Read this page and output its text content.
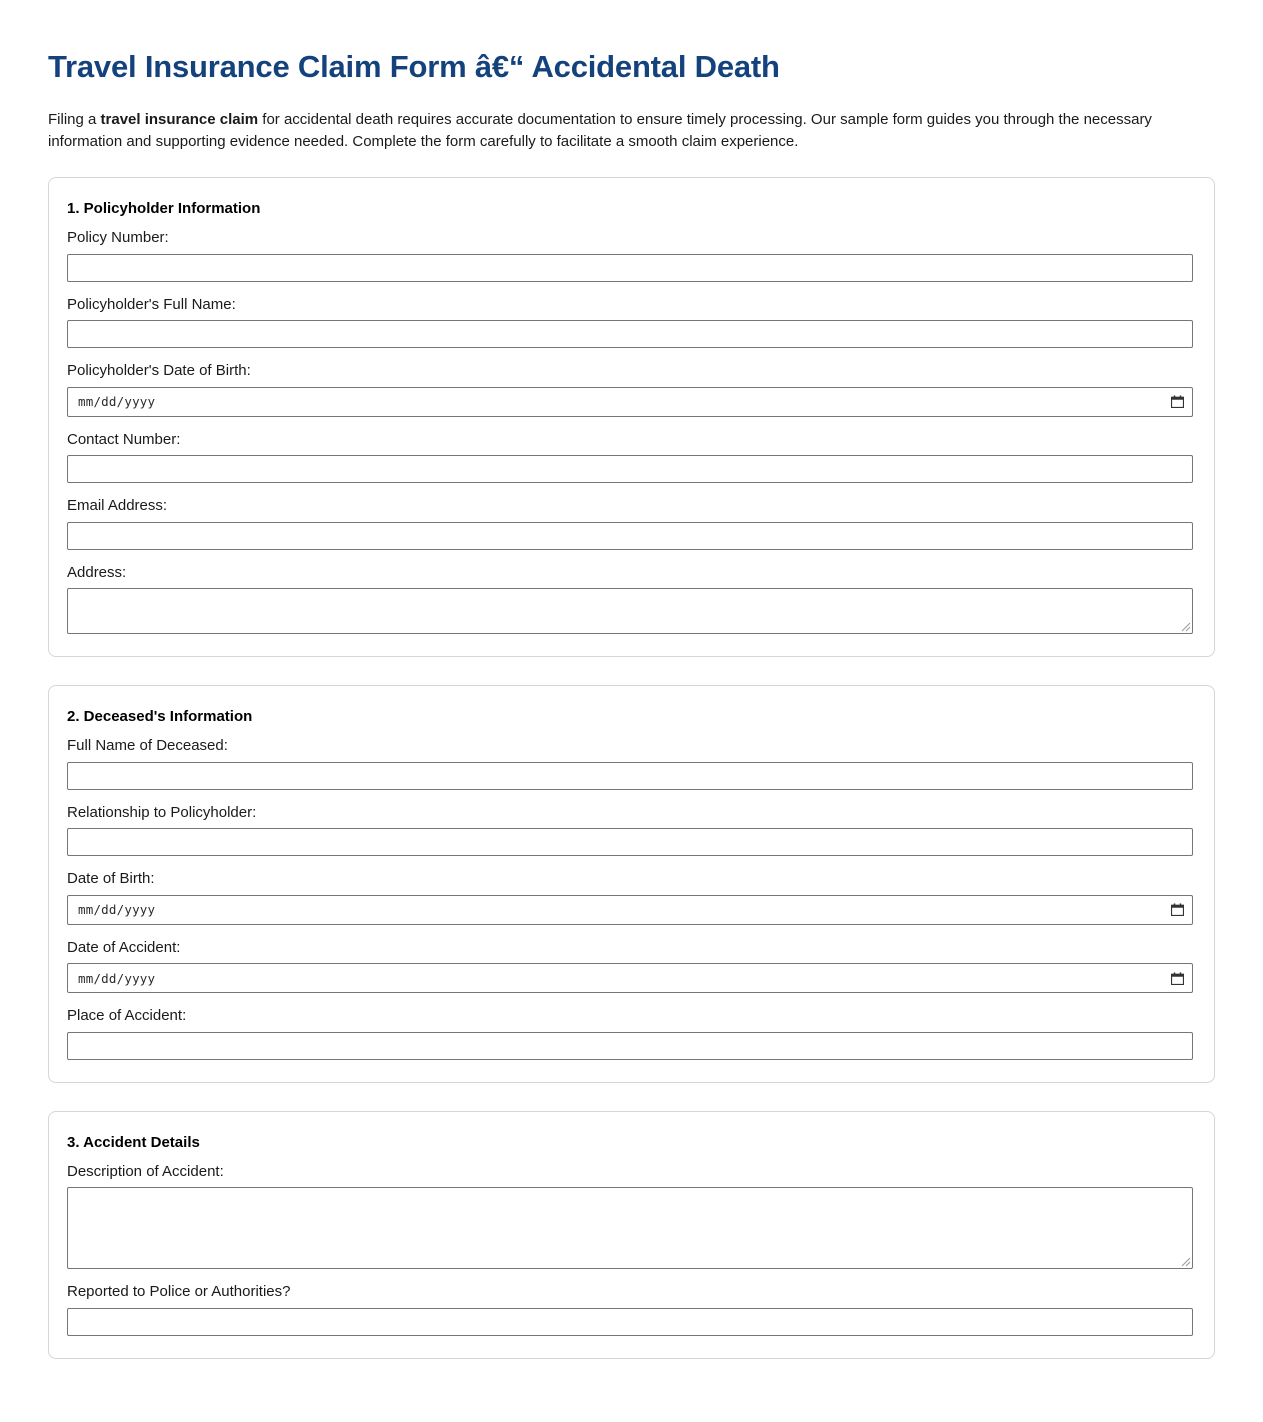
Travel Insurance Claim Form â€“ Accidental Death

Filing a travel insurance claim for accidental death requires accurate documentation to ensure timely processing. Our sample form guides you through the necessary information and supporting evidence needed. Complete the form carefully to facilitate a smooth claim experience.

1. Policyholder Information
Policy Number:
Policyholder's Full Name:
Policyholder's Date of Birth:
mm/dd/yyyy
Contact Number:
Email Address:
Address:
2. Deceased's Information
Full Name of Deceased:
Relationship to Policyholder:
Date of Birth:
mm/dd/yyyy
Date of Accident:
mm/dd/yyyy
Place of Accident:
3. Accident Details
Description of Accident:
Reported to Police or Authorities?
